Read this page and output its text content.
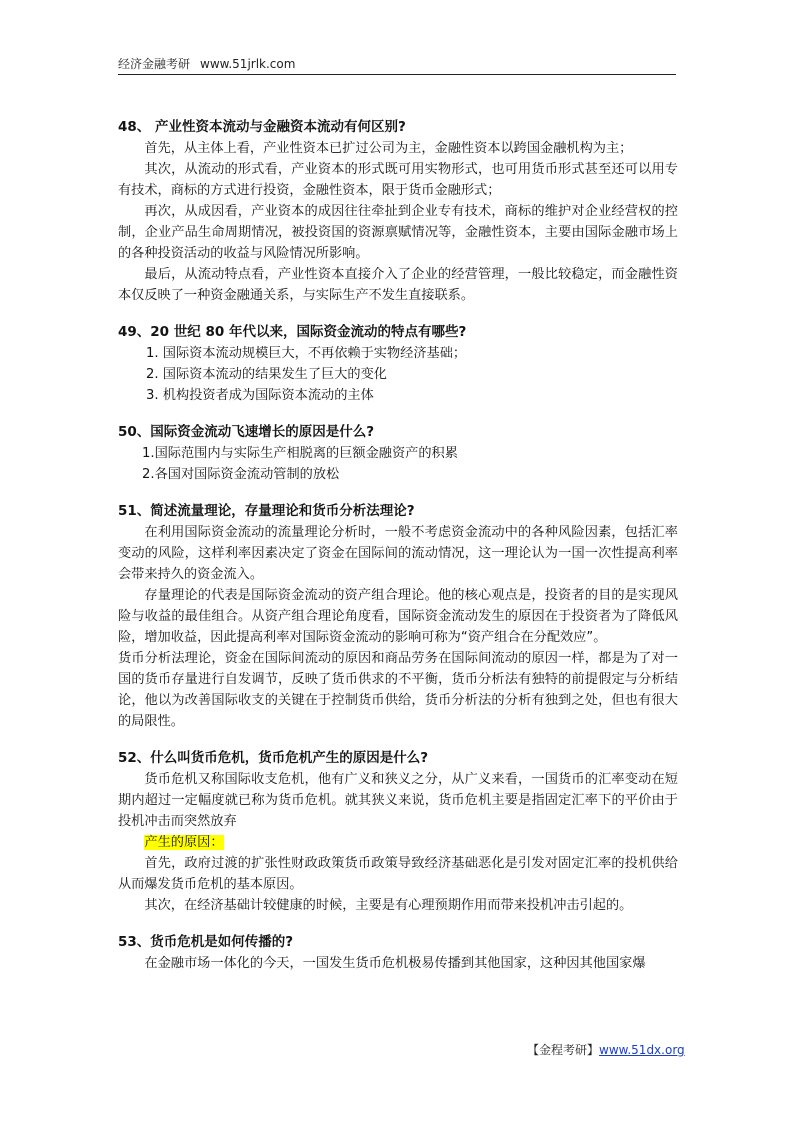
经济金融考研 www.51jrlk.com

48、 产业性资本流动与金融资本流动有何区别?

首先，从主体上看，产业性资本已扩过公司为主，金融性资本以跨国金融机构为主；

其次，从流动的形式看，产业资本的形式既可用实物形式，也可用货币形式甚至还可以用专有技术，商标的方式进行投资，金融性资本，限于货币金融形式；

再次，从成因看，产业资本的成因往往牵扯到企业专有技术，商标的维护对企业经营权的控制，企业产品生命周期情况，被投资国的资源禀赋情况等，金融性资本，主要由国际金融市场上的各种投资活动的收益与风险情况所影响。

最后，从流动特点看，产业性资本直接介入了企业的经营管理，一般比较稳定，而金融性资本仅反映了一种资金融通关系，与实际生产不发生直接联系。

49、20 世纪 80 年代以来，国际资金流动的特点有哪些?

1. 国际资本流动规模巨大，不再依赖于实物经济基础；
2. 国际资本流动的结果发生了巨大的变化
3. 机构投资者成为国际资本流动的主体

50、国际资金流动飞速增长的原因是什么?

1.国际范围内与实际生产相脱离的巨额金融资产的积累
2.各国对国际资金流动管制的放松

51、简述流量理论，存量理论和货币分析法理论?

在利用国际资金流动的流量理论分析时，一般不考虑资金流动中的各种风险因素，包括汇率变动的风险，这样利率因素决定了资金在国际间的流动情况，这一理论认为一国一次性提高利率会带来持久的资金流入。

存量理论的代表是国际资金流动的资产组合理论。他的核心观点是，投资者的目的是实现风险与收益的最佳组合。从资产组合理论角度看，国际资金流动发生的原因在于投资者为了降低风险，增加收益，因此提高利率对国际资金流动的影响可称为“资产组合在分配效应”。

货币分析法理论，资金在国际间流动的原因和商品劳务在国际间流动的原因一样，都是为了对一国的货币存量进行自发调节，反映了货币供求的不平衡，货币分析法有独特的前提假定与分析结论，他以为改善国际收支的关键在于控制货币供给，货币分析法的分析有独到之处，但也有很大的局限性。

52、什么叫货币危机，货币危机产生的原因是什么?

货币危机又称国际收支危机，他有广义和狭义之分，从广义来看，一国货币的汇率变动在短期内超过一定幅度就已称为货币危机。就其狭义来说，货币危机主要是指固定汇率下的平价由于投机冲击而突然放弃

产生的原因：

首先，政府过渡的扩张性财政政策货币政策导致经济基础恶化是引发对固定汇率的投机供给从而爆发货币危机的基本原因。

其次，在经济基础计较健康的时候，主要是有心理预期作用而带来投机冲击引起的。

53、货币危机是如何传播的?

在金融市场一体化的今天，一国发生货币危机极易传播到其他国家，这种因其他国家爆

【金程考研】www.51dx.org
